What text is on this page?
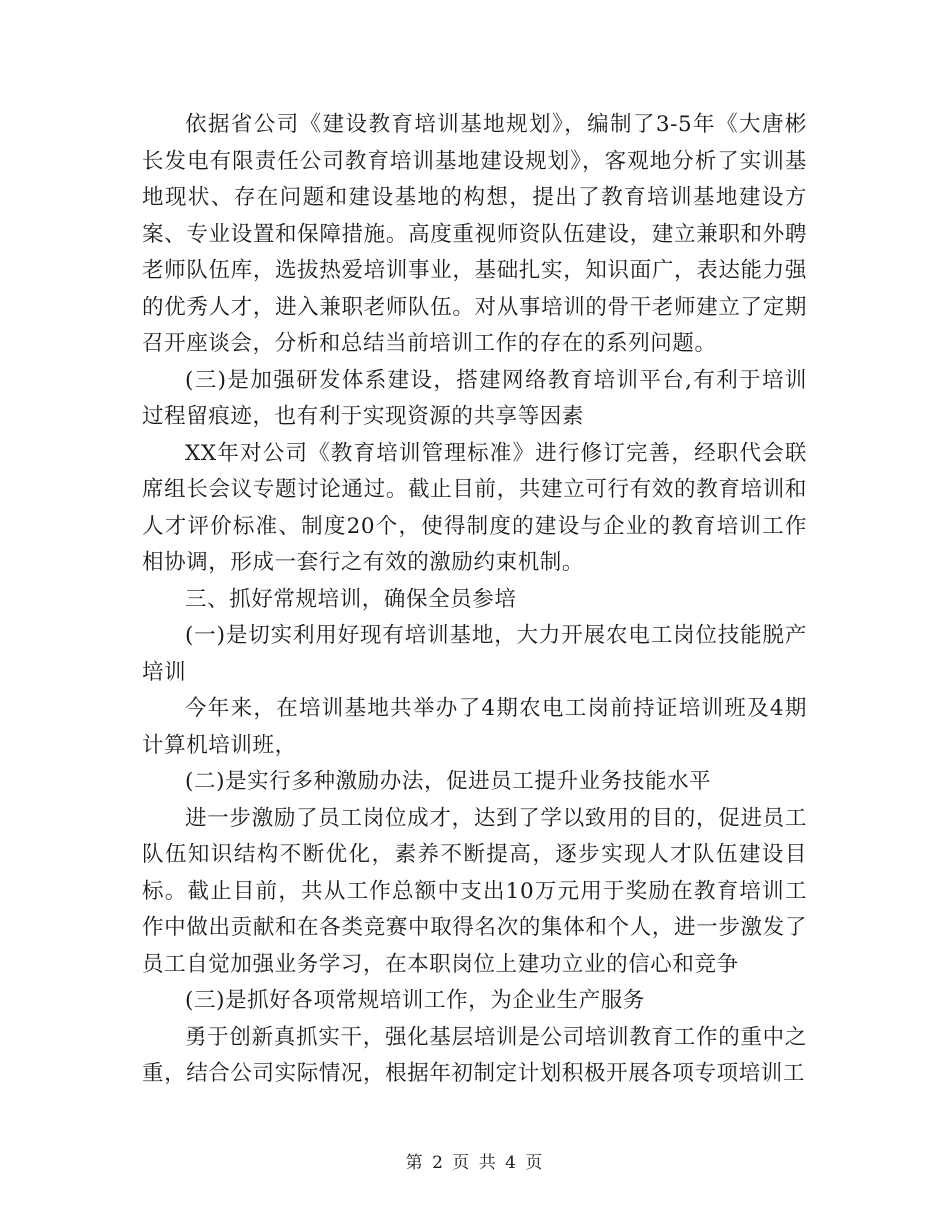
依据省公司《建设教育培训基地规划》，编制了3-5年《大唐彬长发电有限责任公司教育培训基地建设规划》，客观地分析了实训基地现状、存在问题和建设基地的构想，提出了教育培训基地建设方案、专业设置和保障措施。高度重视师资队伍建设，建立兼职和外聘老师队伍库，选拔热爱培训事业，基础扎实，知识面广，表达能力强的优秀人才，进入兼职老师队伍。对从事培训的骨干老师建立了定期召开座谈会，分析和总结当前培训工作的存在的系列问题。

(三)是加强研发体系建设，搭建网络教育培训平台,有利于培训过程留痕迹，也有利于实现资源的共享等因素

XX年对公司《教育培训管理标准》进行修订完善，经职代会联席组长会议专题讨论通过。截止目前，共建立可行有效的教育培训和人才评价标准、制度20个，使得制度的建设与企业的教育培训工作相协调，形成一套行之有效的激励约束机制。

三、抓好常规培训，确保全员参培

(一)是切实利用好现有培训基地，大力开展农电工岗位技能脱产培训

今年来，在培训基地共举办了4期农电工岗前持证培训班及4期计算机培训班，

(二)是实行多种激励办法，促进员工提升业务技能水平

进一步激励了员工岗位成才，达到了学以致用的目的，促进员工队伍知识结构不断优化，素养不断提高，逐步实现人才队伍建设目标。截止目前，共从工作总额中支出10万元用于奖励在教育培训工作中做出贡献和在各类竞赛中取得名次的集体和个人，进一步激发了员工自觉加强业务学习，在本职岗位上建功立业的信心和竞争

(三)是抓好各项常规培训工作，为企业生产服务

勇于创新真抓实干，强化基层培训是公司培训教育工作的重中之重，结合公司实际情况，根据年初制定计划积极开展各项专项培训工

第 2 页 共 4 页
